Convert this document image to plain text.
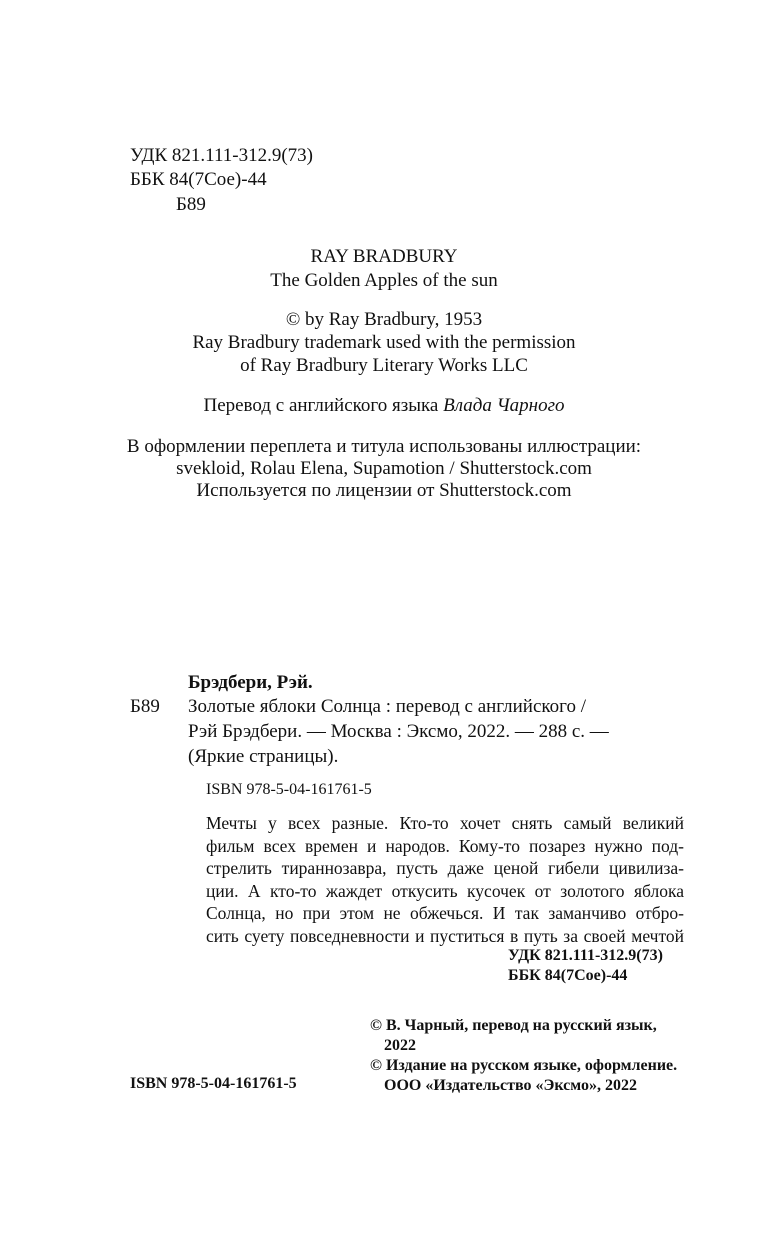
УДК 821.111-312.9(73)

ББК 84(7Сое)-44

Б89

RAY BRADBURY

The Golden Apples of the sun

© by Ray Bradbury, 1953

Ray Bradbury trademark used with the permission

of Ray Bradbury Literary Works LLC

Перевод с английского языка Влада Чарного

В оформлении переплета и титула использованы иллюстрации:

svekloid, Rolau Elena, Supamotion / Shutterstock.com

Используется по лицензии от Shutterstock.com

Брэдбери, Рэй.

Б89 Золотые яблоки Солнца : перевод с английского /

Рэй Брэдбери. — Москва : Эксмо, 2022. — 288 с. —

(Яркие страницы).

ISBN 978-5-04-161761-5

Мечты у всех разные. Кто-то хочет снять самый великий
фильм всех времен и народов. Кому-то позарез нужно под-
стрелить тираннозавра, пусть даже ценой гибели цивилиза-
ции. А кто-то жаждет откусить кусочек от золотого яблока
Солнца, но при этом не обжечься. И так заманчиво отбро-
сить суету повседневности и пуститься в путь за своей мечтой

УДК 821.111-312.9(73)

ББК 84(7Сое)-44

© В. Чарный, перевод на русский язык,

2022

© Издание на русском языке, оформление.

ISBN 978-5-04-161761-5	ООО «Издательство «Эксмо», 2022
